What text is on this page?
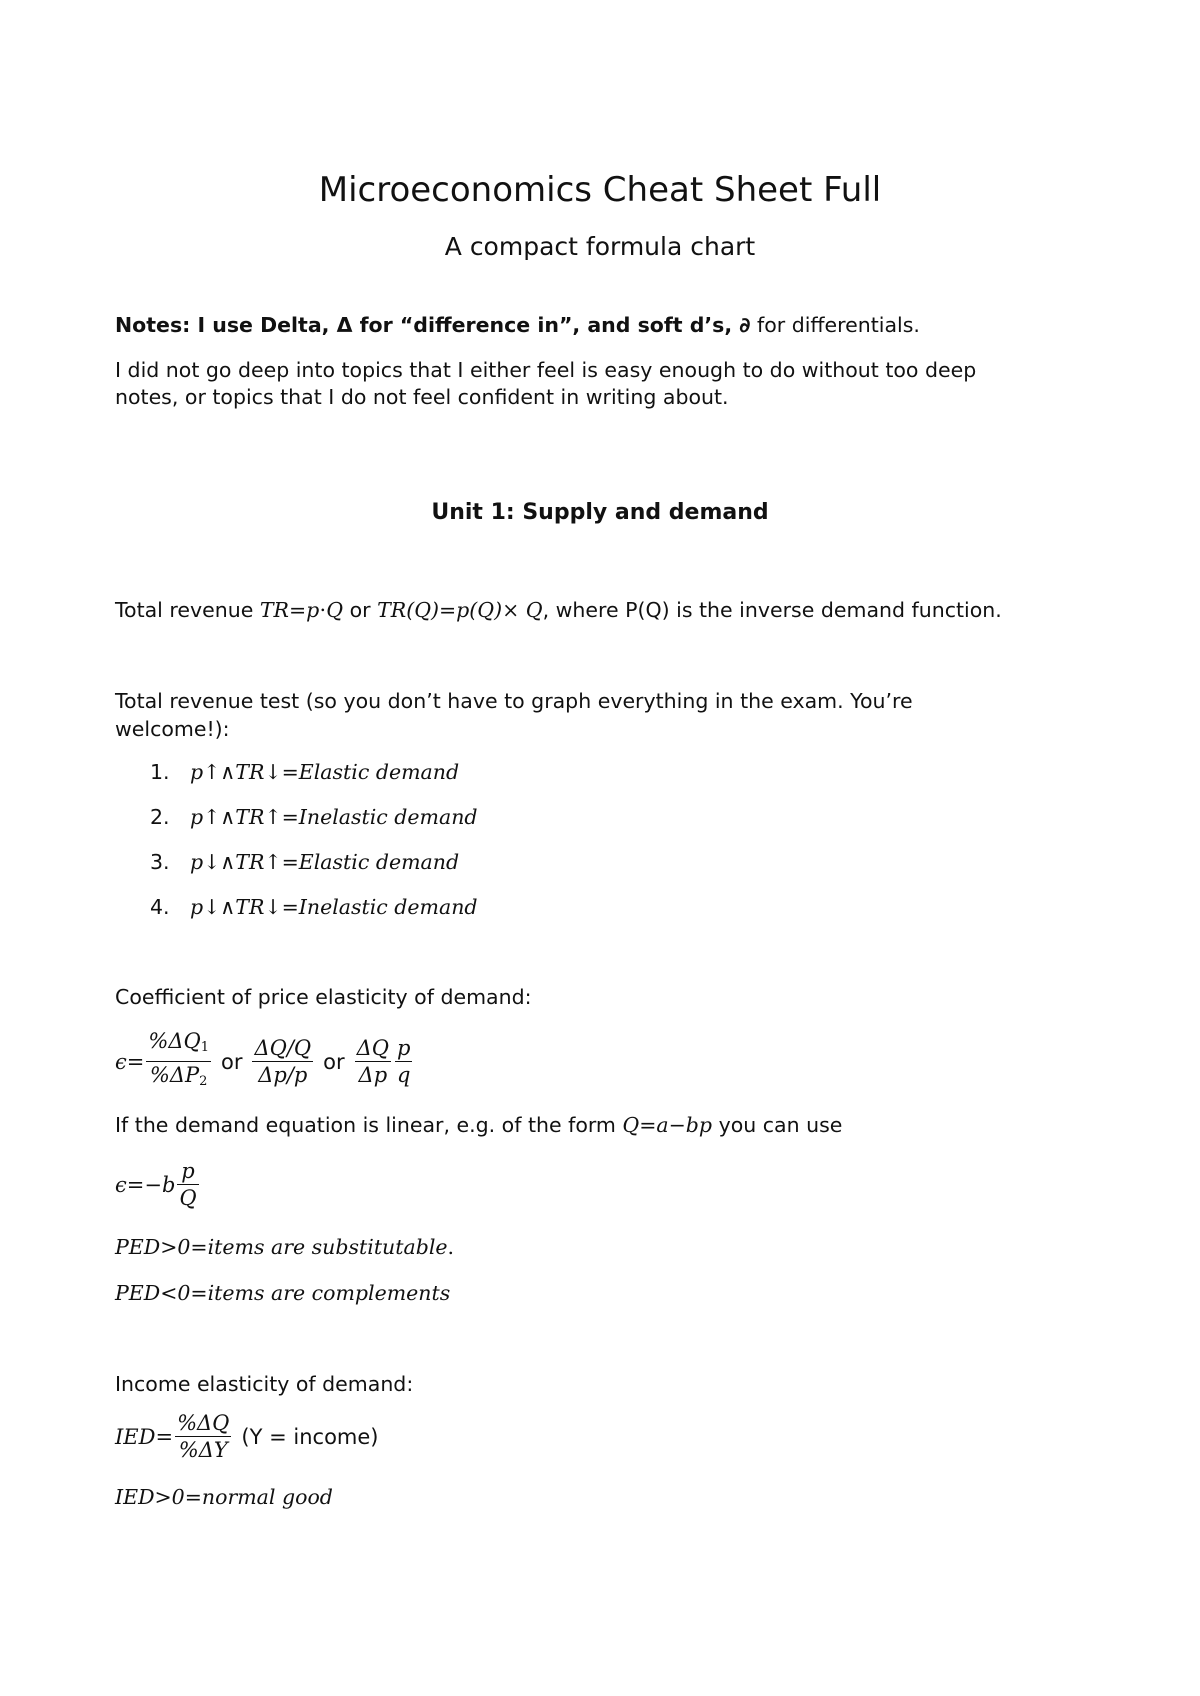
Microeconomics Cheat Sheet Full
A compact formula chart
Notes: I use Delta, Δ for “difference in”, and soft d’s, ∂ for differentials.
I did not go deep into topics that I either feel is easy enough to do without too deep
notes, or topics that I do not feel confident in writing about.
Unit 1: Supply and demand
Total revenue TR=p⋅Q or TR(Q)=p(Q)× Q, where P(Q) is the inverse demand function.
Total revenue test (so you don’t have to graph everything in the exam. You’re
welcome!):
1. p↑∧TR↓=Elastic demand
2. p↑∧TR↑=Inelastic demand
3. p↓∧TR↑=Elastic demand
4. p↓∧TR↓=Inelastic demand
Coefficient of price elasticity of demand:
$\epsilon= \frac{\%\Delta Q_1}{\%\Delta P_2}$ or $\frac{\Delta Q/Q}{\Delta p/p}$ or $\frac{\Delta Q}{\Delta p} \frac{p}{q}$
If the demand equation is linear, e.g. of the form Q=a−bp you can use
$\epsilon=-b \frac{p}{Q}$
PED>0=items are substitutable.
PED<0=items are complements
Income elasticity of demand:
$IED= \frac{\%\Delta Q}{\%\Delta Y} (Y$ = income)
IED>0=normal good
